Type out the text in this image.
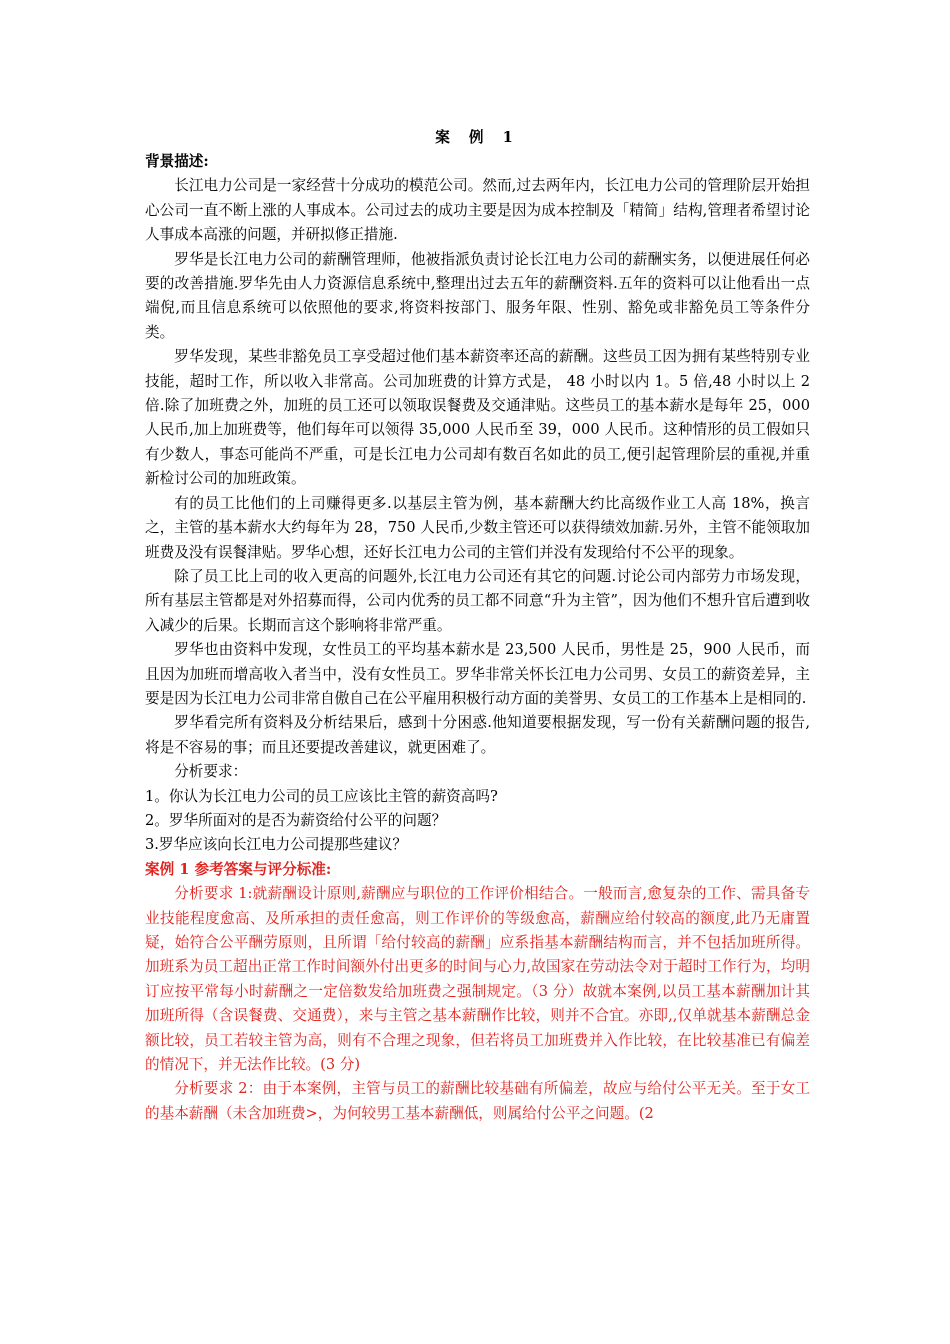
案 例 1

背景描述:

长江电力公司是一家经营十分成功的模范公司。然而,过去两年内，长江电力公司的管理阶层开始担心公司一直不断上涨的人事成本。公司过去的成功主要是因为成本控制及「精简」结构,管理者希望讨论人事成本高涨的问题，并研拟修正措施.

罗华是长江电力公司的薪酬管理师，他被指派负责讨论长江电力公司的薪酬实务，以便进展任何必要的改善措施.罗华先由人力资源信息系统中,整理出过去五年的薪酬资料.五年的资料可以让他看出一点端倪,而且信息系统可以依照他的要求,将资料按部门、服务年限、性别、豁免或非豁免员工等条件分类。

罗华发现，某些非豁免员工享受超过他们基本薪资率还高的薪酬。这些员工因为拥有某些特别专业技能，超时工作，所以收入非常高。公司加班费的计算方式是， 48 小时以内 1。5 倍,48 小时以上 2 倍.除了加班费之外，加班的员工还可以领取误餐费及交通津贴。这些员工的基本薪水是每年 25，000 人民币,加上加班费等，他们每年可以领得 35,000 人民币至 39，000 人民币。这种情形的员工假如只有少数人，事态可能尚不严重，可是长江电力公司却有数百名如此的员工,便引起管理阶层的重视,并重新检讨公司的加班政策。

有的员工比他们的上司赚得更多.以基层主管为例，基本薪酬大约比高级作业工人高 18%，换言之，主管的基本薪水大约每年为 28，750 人民币,少数主管还可以获得绩效加薪.另外，主管不能领取加班费及没有误餐津贴。罗华心想，还好长江电力公司的主管们并没有发现给付不公平的现象。

除了员工比上司的收入更高的问题外,长江电力公司还有其它的问题.讨论公司内部劳力市场发现，所有基层主管都是对外招募而得，公司内优秀的员工都不同意“升为主管”，因为他们不想升官后遭到收入减少的后果。长期而言这个影响将非常严重。

罗华也由资料中发现，女性员工的平均基本薪水是 23,500 人民币，男性是 25，900 人民币，而且因为加班而增高收入者当中，没有女性员工。罗华非常关怀长江电力公司男、女员工的薪资差异，主要是因为长江电力公司非常自傲自己在公平雇用积极行动方面的美誉男、女员工的工作基本上是相同的.

罗华看完所有资料及分析结果后，感到十分困惑.他知道要根据发现，写一份有关薪酬问题的报告,将是不容易的事；而且还要提改善建议，就更困难了。

分析要求：

1。你认为长江电力公司的员工应该比主管的薪资高吗?

2。罗华所面对的是否为薪资给付公平的问题？

3.罗华应该向长江电力公司提那些建议？

案例 1 参考答案与评分标准:

分析要求 1:就薪酬设计原则,薪酬应与职位的工作评价相结合。一般而言,愈复杂的工作、需具备专业技能程度愈高、及所承担的责任愈高，则工作评价的等级愈高，薪酬应给付较高的额度,此乃无庸置疑，始符合公平酬劳原则，且所谓「给付较高的薪酬」应系指基本薪酬结构而言，并不包括加班所得。加班系为员工超出正常工作时间额外付出更多的时间与心力,故国家在劳动法令对于超时工作行为，均明订应按平常每小时薪酬之一定倍数发给加班费之强制规定。（3 分）故就本案例,以员工基本薪酬加计其加班所得（含误餐费、交通费），来与主管之基本薪酬作比较，则并不合宜。亦即,,仅单就基本薪酬总金额比较，员工若较主管为高，则有不合理之现象，但若将员工加班费并入作比较，在比较基准已有偏差的情况下，并无法作比较。(3 分)

分析要求 2：由于本案例，主管与员工的薪酬比较基础有所偏差，故应与给付公平无关。至于女工的基本薪酬（未含加班费>，为何较男工基本薪酬低，则属给付公平之问题。(2
